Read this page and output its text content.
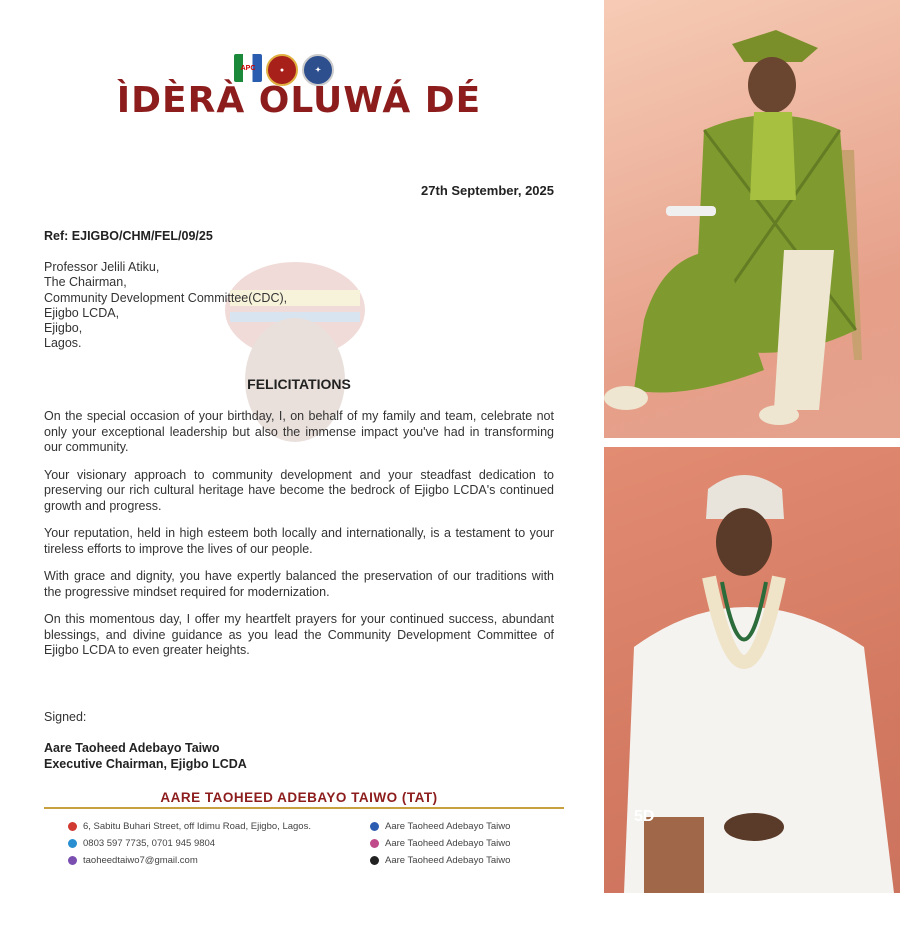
APC	●	✦
ÌDÈRÀ OLUWÁ DÉ
27th September, 2025
Ref: EJIGBO/CHM/FEL/09/25
Professor Jelili Atiku,
The Chairman,
Community Development Committee(CDC),
Ejigbo LCDA,
Ejigbo,
Lagos.
FELICITATIONS

On the special occasion of your birthday, I, on behalf of my family and team, celebrate not only your exceptional leadership but also the immense impact you've had in transforming our community.

Your visionary approach to community development and your steadfast dedication to preserving our rich cultural heritage have become the bedrock of Ejigbo LCDA's continued growth and progress.

Your reputation, held in high esteem both locally and internationally, is a testament to your tireless efforts to improve the lives of our people.

With grace and dignity, you have expertly balanced the preservation of our traditions with the progressive mindset required for modernization.

On this momentous day, I offer my heartfelt prayers for your continued success, abundant blessings, and divine guidance as you lead the Community Development Committee of Ejigbo LCDA to even greater heights.

Signed:
Aare Taoheed Adebayo Taiwo
Executive Chairman, Ejigbo LCDA
AARE TAOHEED ADEBAYO TAIWO (TAT)
6, Sabitu Buhari Street, off Idimu Road, Ejigbo, Lagos.
0803 597 7735, 0701 945 9804
taoheedtaiwo7@gmail.com
Aare Taoheed Adebayo Taiwo
Aare Taoheed Adebayo Taiwo
Aare Taoheed Adebayo Taiwo
5D
